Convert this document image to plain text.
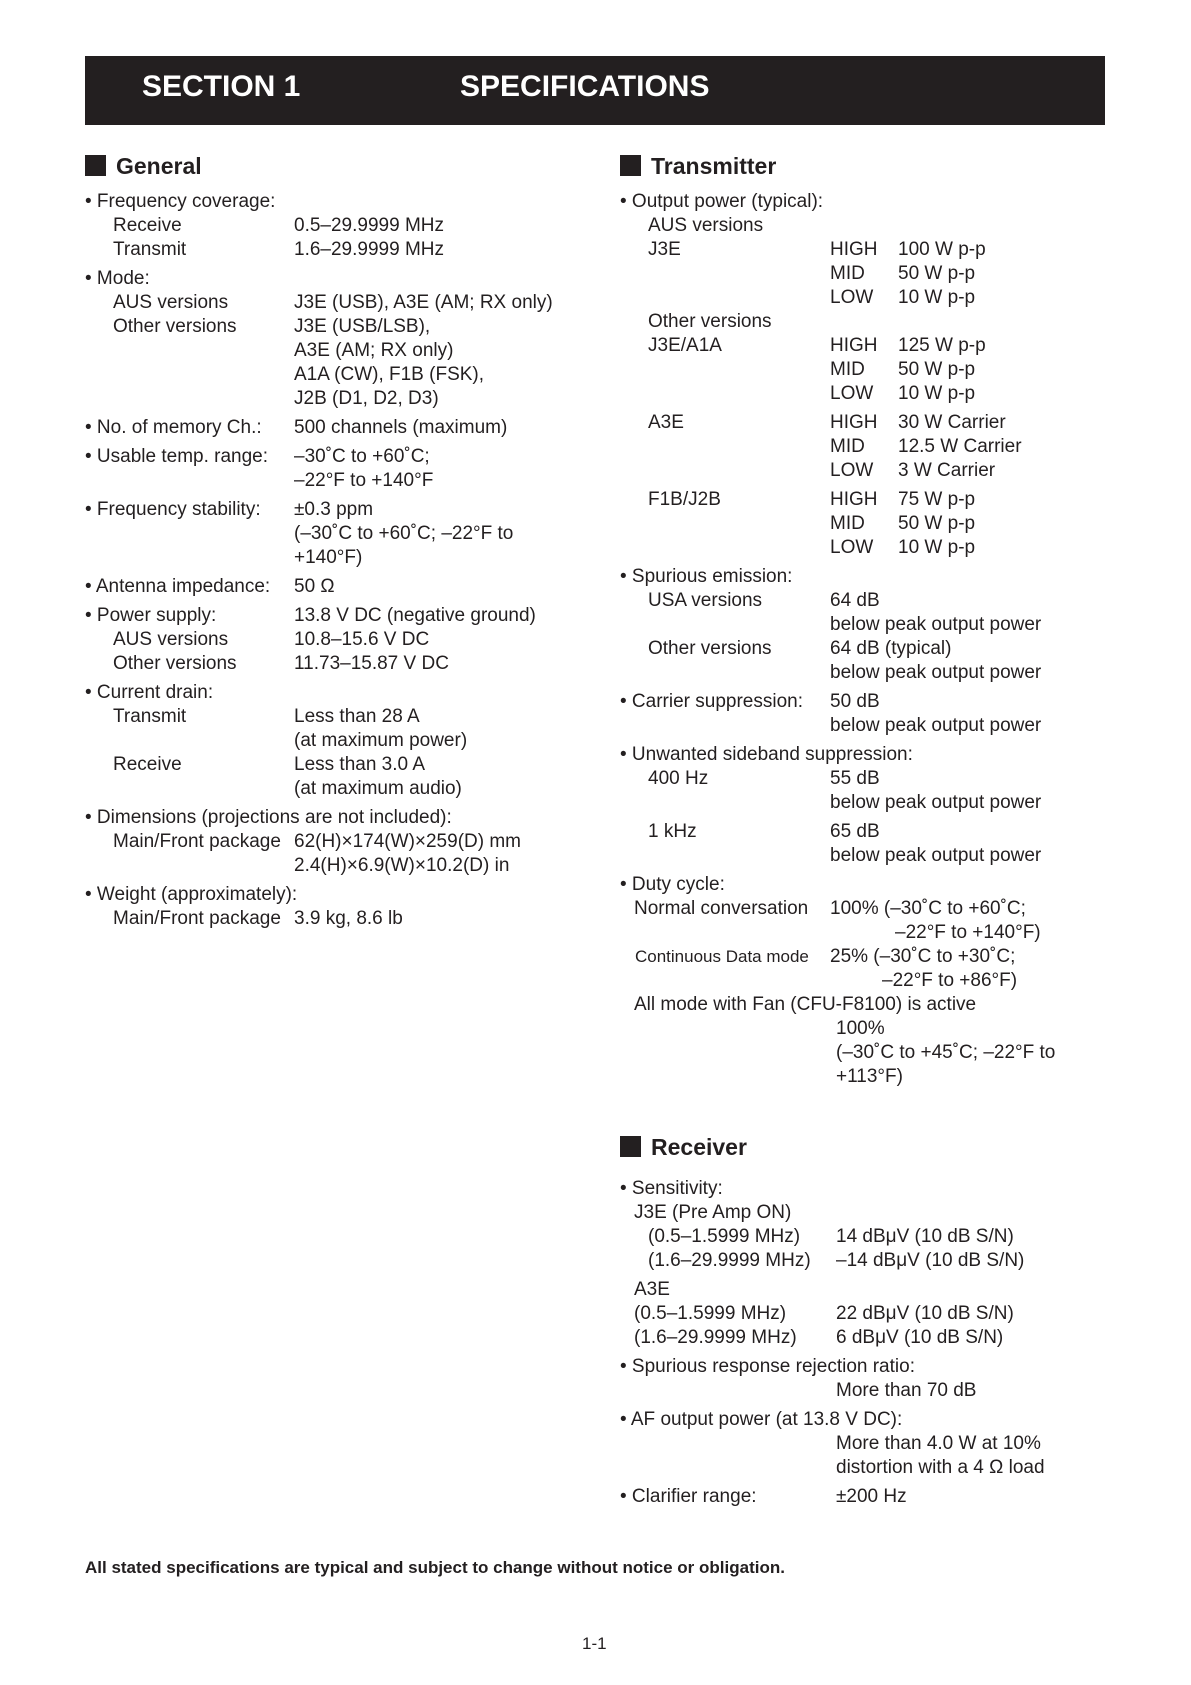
SECTION 1	SPECIFICATIONS
General
• Frequency coverage:
Receive	0.5–29.9999 MHz
Transmit	1.6–29.9999 MHz
• Mode:
AUS versions	J3E (USB), A3E (AM; RX only)
Other versions	J3E (USB/LSB),
A3E (AM; RX only)
A1A (CW), F1B (FSK),
J2B (D1, D2, D3)
• No. of memory Ch.: 500 channels (maximum)
• Usable temp. range: –30˚C to +60˚C;
–22°F to +140°F
• Frequency stability: ±0.3 ppm
(–30˚C to +60˚C; –22°F to
+140°F)
• Antenna impedance: 50 Ω
• Power supply:	13.8 V DC (negative ground)
AUS versions	10.8–15.6 V DC
Other versions	11.73–15.87 V DC
• Current drain:
Transmit	Less than 28 A
(at maximum power)
Receive	Less than 3.0 A
(at maximum audio)
• Dimensions (projections are not included):
Main/Front package 62(H)×174(W)×259(D) mm
2.4(H)×6.9(W)×10.2(D) in
• Weight (approximately):
Main/Front package 3.9 kg, 8.6 lb
Transmitter
• Output power (typical):
AUS versions
J3E	HIGH 100 W p-p
MID 50 W p-p
LOW 10 W p-p
Other versions
J3E/A1A	HIGH 125 W p-p
MID 50 W p-p
LOW 10 W p-p
A3E	HIGH 30 W Carrier
MID 12.5 W Carrier
LOW 3 W Carrier
F1B/J2B	HIGH 75 W p-p
MID 50 W p-p
LOW 10 W p-p
• Spurious emission:
USA versions	64 dB
below peak output power
Other versions	64 dB (typical)
below peak output power
• Carrier suppression: 50 dB
below peak output power
• Unwanted sideband suppression:
400 Hz	55 dB
below peak output power
1 kHz	65 dB
below peak output power
• Duty cycle:
Normal conversation 100% (–30˚C to +60˚C;
–22°F to +140°F)
Continuous Data mode 25% (–30˚C to +30˚C;
–22°F to +86°F)
All mode with Fan (CFU-F8100) is active
100%
(–30˚C to +45˚C; –22°F to
+113°F)
Receiver
• Sensitivity:
J3E (Pre Amp ON)
(0.5–1.5999 MHz) 14 dBμV (10 dB S/N)
(1.6–29.9999 MHz) –14 dBμV (10 dB S/N)
A3E
(0.5–1.5999 MHz)	22 dBμV (10 dB S/N)
(1.6–29.9999 MHz) 6 dBμV (10 dB S/N)
• Spurious response rejection ratio:
More than 70 dB
• AF output power (at 13.8 V DC):
More than 4.0 W at 10%
distortion with a 4 Ω load
• Clarifier range:	±200 Hz
All stated specifications are typical and subject to change without notice or obligation.
1-1
